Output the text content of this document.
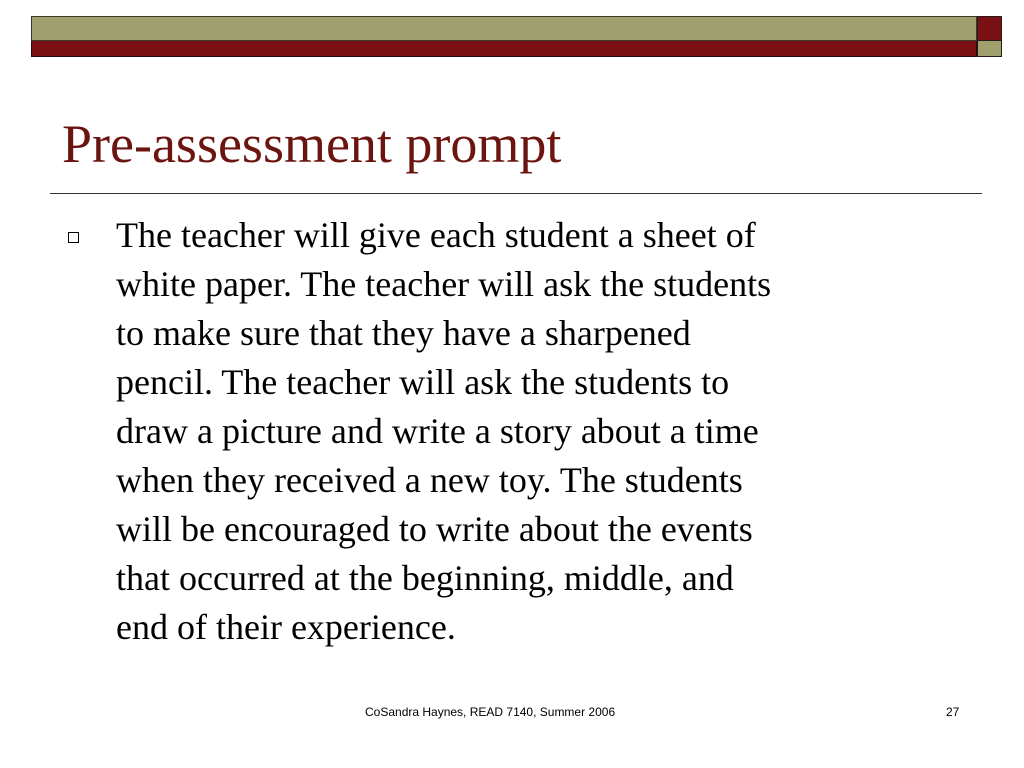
Pre-assessment prompt

The teacher will give each student a sheet of
white paper. The teacher will ask the students
to make sure that they have a sharpened
pencil. The teacher will ask the students to
draw a picture and write a story about a time
when they received a new toy. The students
will be encouraged to write about the events
that occurred at the beginning, middle, and
end of their experience.

CoSandra Haynes, READ 7140, Summer 2006	27
